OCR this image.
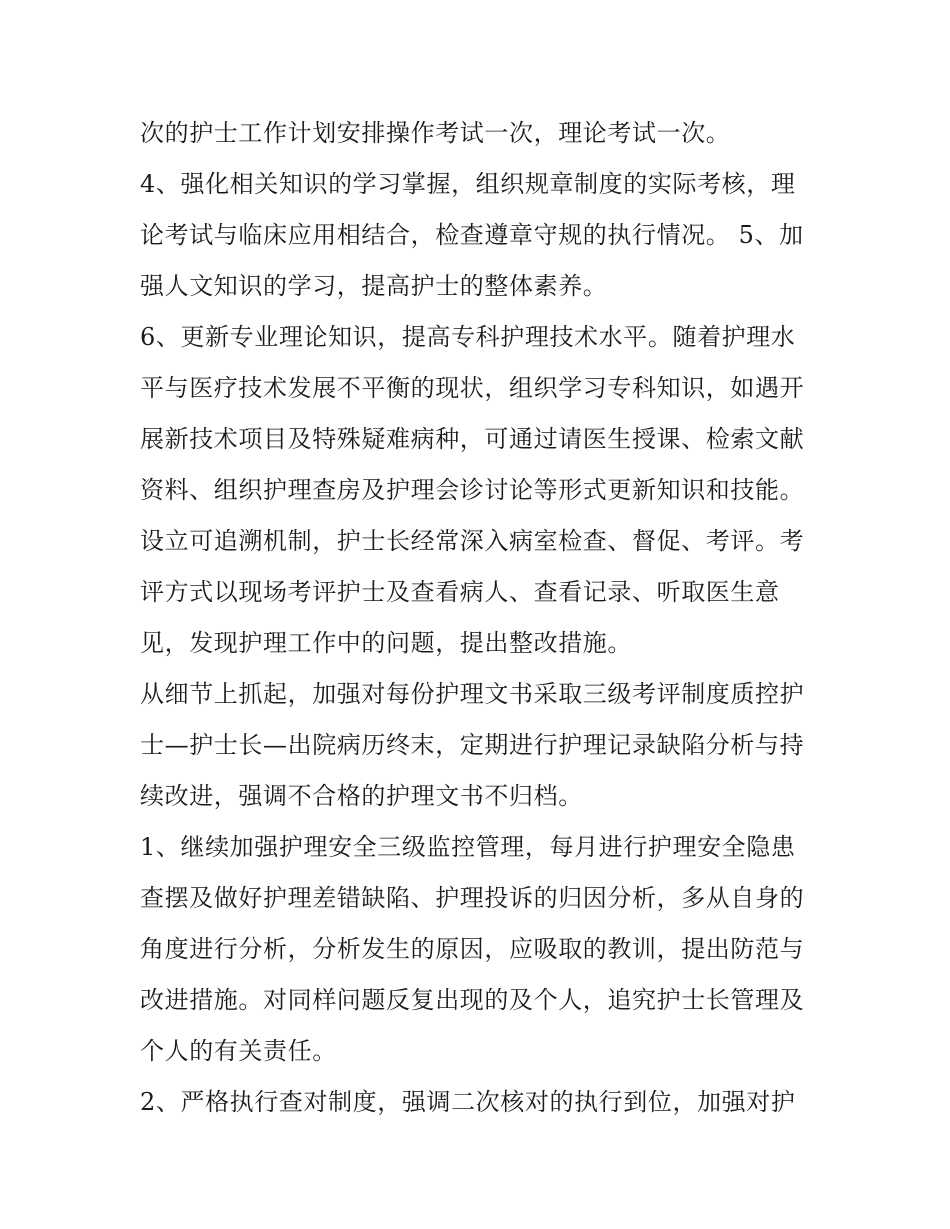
次的护士工作计划安排操作考试一次，理论考试一次。
4、强化相关知识的学习掌握，组织规章制度的实际考核，理
论考试与临床应用相结合，检查遵章守规的执行情况。 5、加
强人文知识的学习，提高护士的整体素养。
6、更新专业理论知识，提高专科护理技术水平。随着护理水
平与医疗技术发展不平衡的现状，组织学习专科知识，如遇开
展新技术项目及特殊疑难病种，可通过请医生授课、检索文献
资料、组织护理查房及护理会诊讨论等形式更新知识和技能。
设立可追溯机制，护士长经常深入病室检查、督促、考评。考
评方式以现场考评护士及查看病人、查看记录、听取医生意
见，发现护理工作中的问题，提出整改措施。
从细节上抓起，加强对每份护理文书采取三级考评制度质控护
士—护士长—出院病历终末，定期进行护理记录缺陷分析与持
续改进，强调不合格的护理文书不归档。
1、继续加强护理安全三级监控管理，每月进行护理安全隐患
查摆及做好护理差错缺陷、护理投诉的归因分析，多从自身的
角度进行分析，分析发生的原因，应吸取的教训，提出防范与
改进措施。对同样问题反复出现的及个人，追究护士长管理及
个人的有关责任。
2、严格执行查对制度，强调二次核对的执行到位，加强对护
